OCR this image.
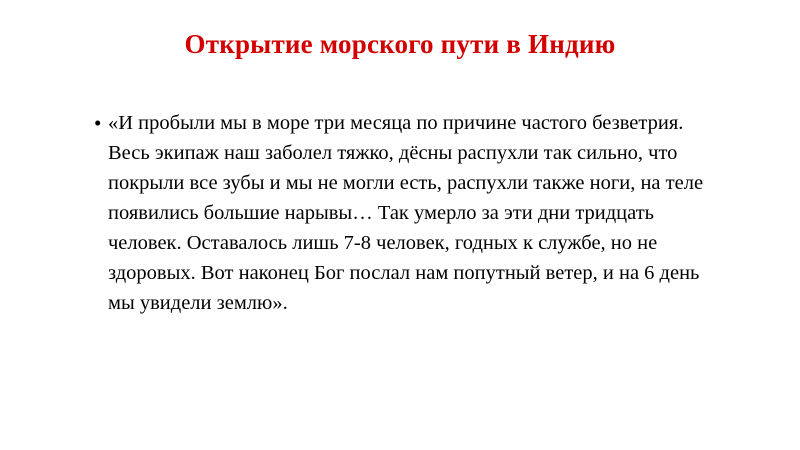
Открытие морского пути в Индию
• «И пробыли мы в море три месяца по причине частого безветрия. Весь экипаж наш заболел тяжко, дёсны распухли так сильно, что покрыли все зубы и мы не могли есть, распухли также ноги, на теле появились большие нарывы… Так умерло за эти дни тридцать человек. Оставалось лишь 7-8 человек, годных к службе, но не здоровых. Вот наконец Бог послал нам попутный ветер, и на 6 день мы увидели землю».
